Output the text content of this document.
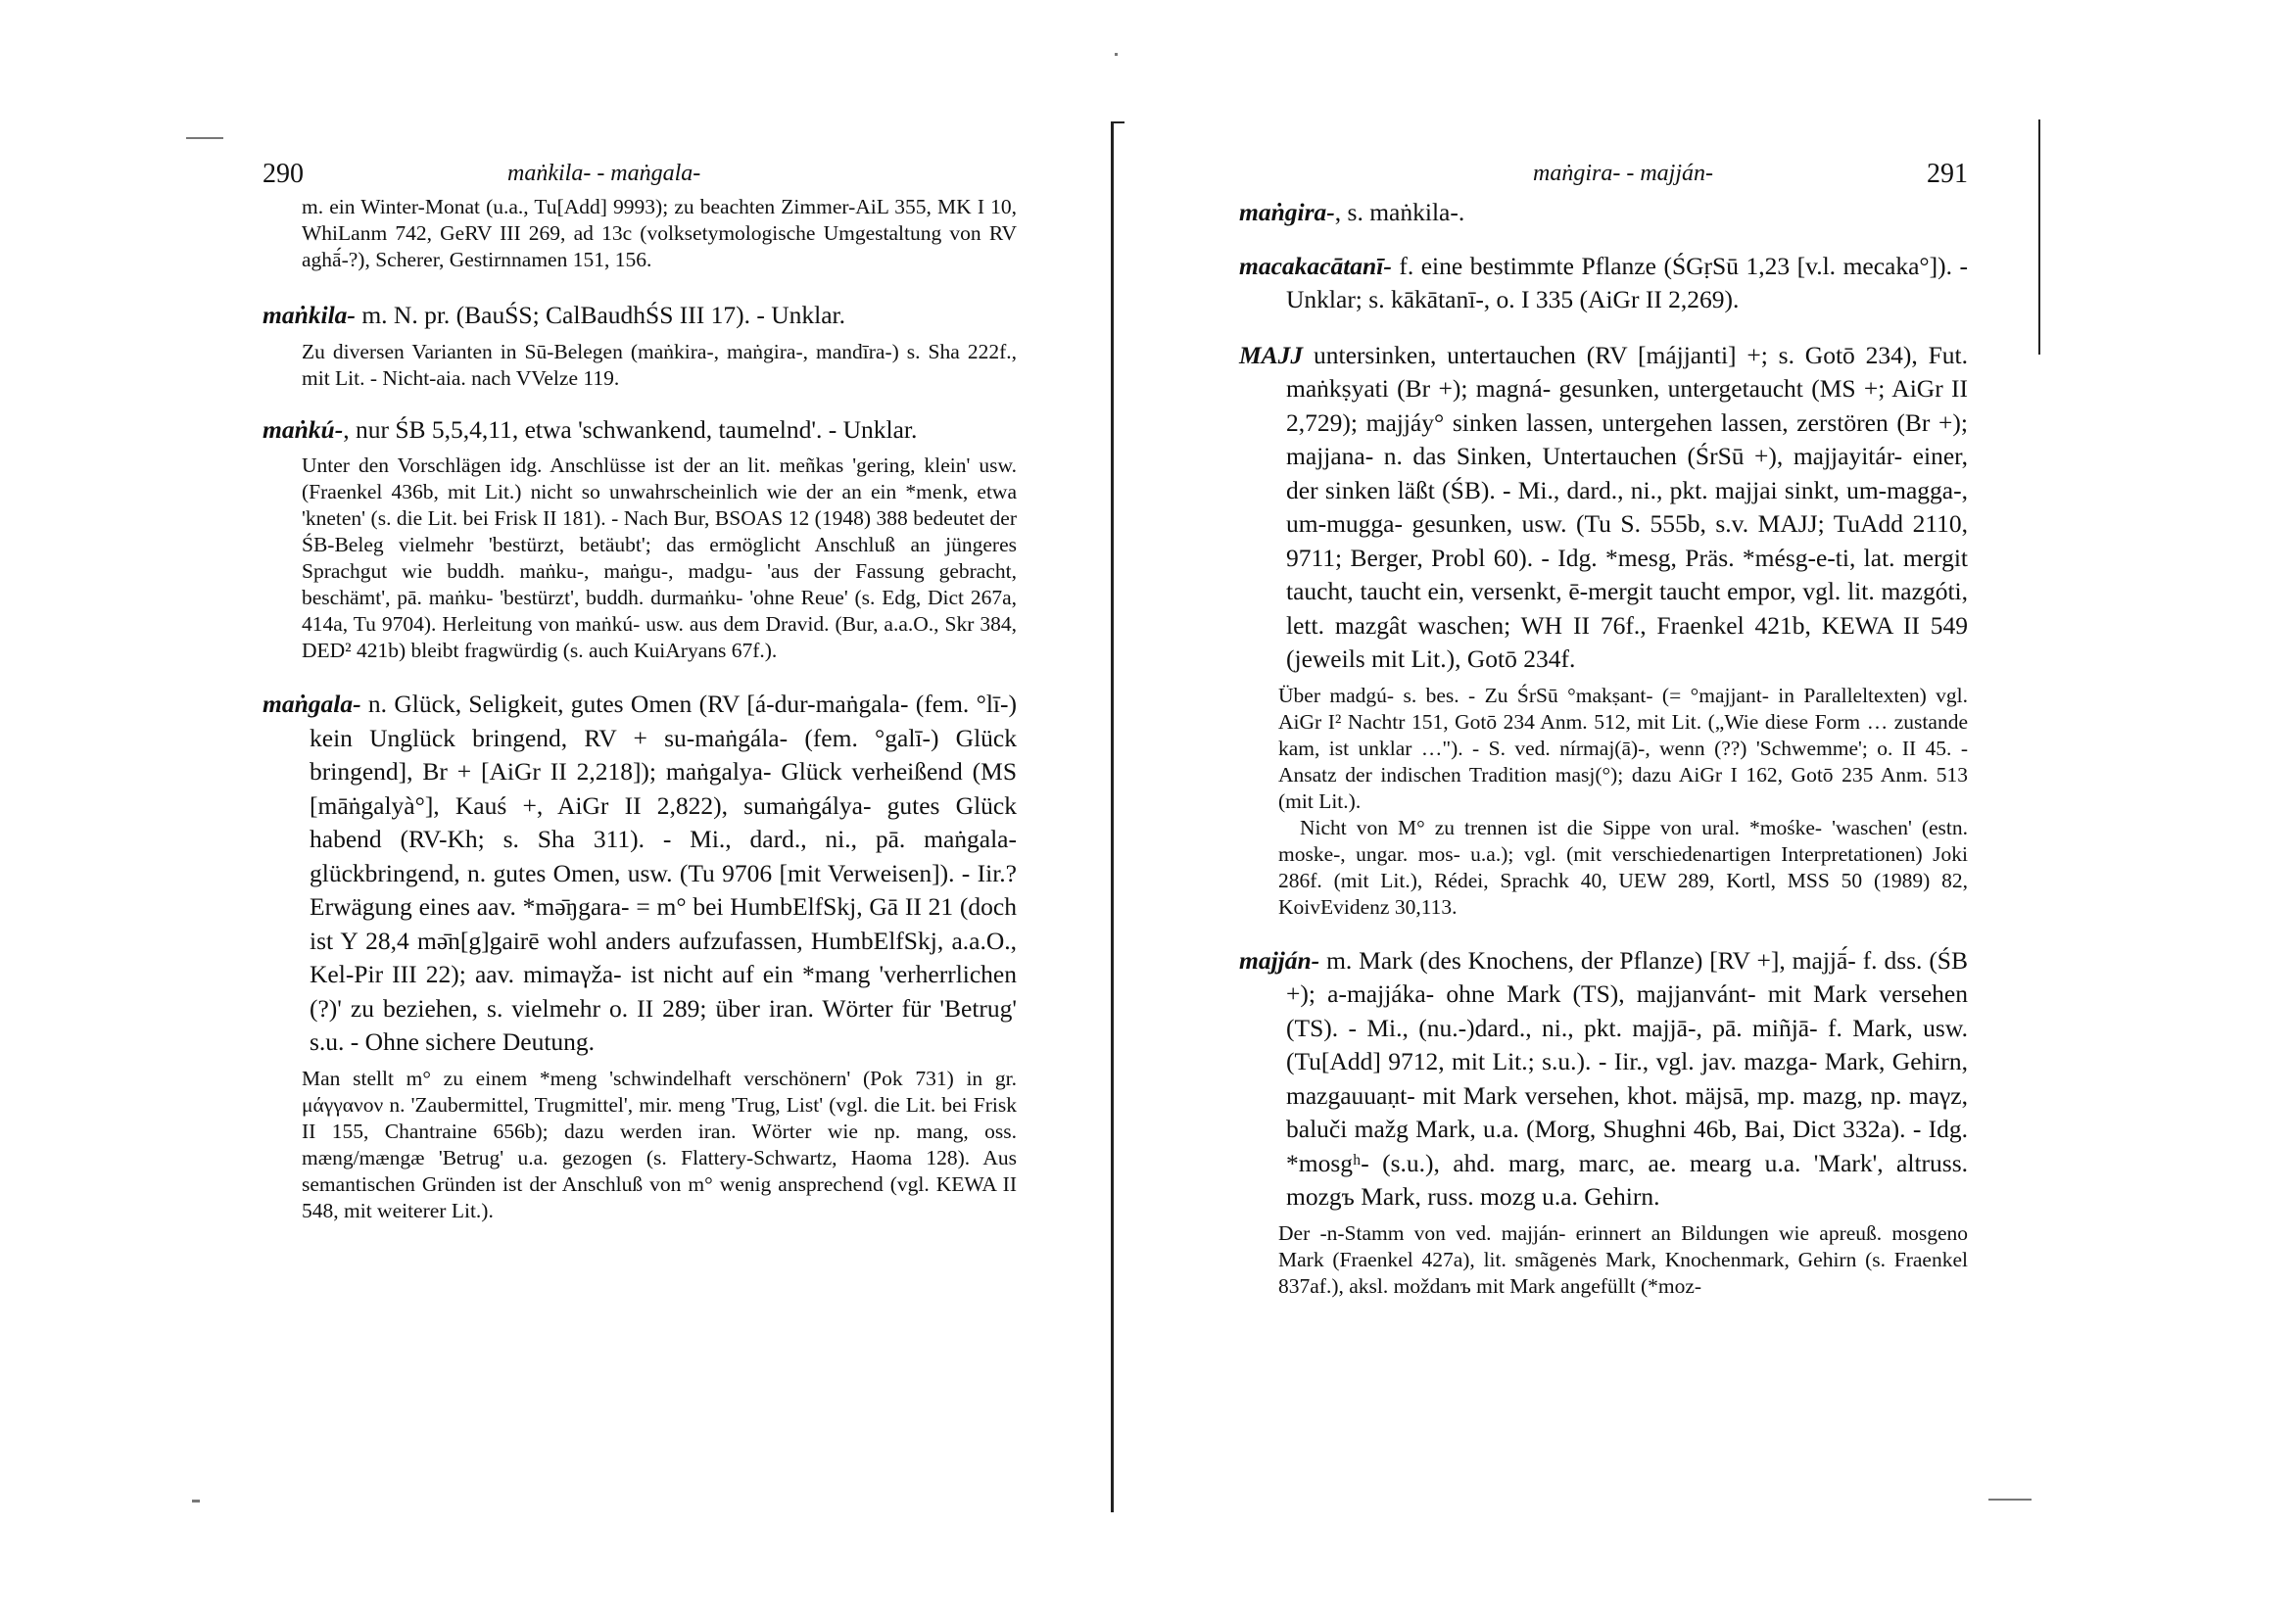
290	maṅkila- - maṅgala-

m. ein Winter-Monat (u.a., Tu[Add] 9993); zu beachten Zimmer-AiL 355, MK I 10, WhiLanm 742, GeRV III 269, ad 13c (volksetymologische Umgestaltung von RV aghā́-?), Scherer, Gestirnnamen 151, 156.

maṅkila- m. N. pr. (BauŚS; CalBaudhŚS III 17). - Unklar.

Zu diversen Varianten in Sū-Belegen (maṅkira-, maṅgira-, mandīra-) s. Sha 222f., mit Lit. - Nicht-aia. nach VVelze 119.

maṅkú-, nur ŚB 5,5,4,11, etwa 'schwankend, taumelnd'. - Unklar.

Unter den Vorschlägen idg. Anschlüsse ist der an lit. meñkas 'gering, klein' usw. (Fraenkel 436b, mit Lit.) nicht so unwahrscheinlich wie der an ein *menk, etwa 'kneten' (s. die Lit. bei Frisk II 181). - Nach Bur, BSOAS 12 (1948) 388 bedeutet der ŚB-Beleg vielmehr 'bestürzt, betäubt'; das ermöglicht Anschluß an jüngeres Sprachgut wie buddh. maṅku-, maṅgu-, madgu- 'aus der Fassung gebracht, beschämt', pā. maṅku- 'bestürzt', buddh. durmaṅku- 'ohne Reue' (s. Edg, Dict 267a, 414a, Tu 9704). Herleitung von maṅkú- usw. aus dem Dravid. (Bur, a.a.O., Skr 384, DED² 421b) bleibt fragwürdig (s. auch KuiAryans 67f.).

maṅgala- n. Glück, Seligkeit, gutes Omen (RV [á-dur-maṅgala- (fem. °lī-) kein Unglück bringend, RV + su-maṅgála- (fem. °galī-) Glück bringend], Br + [AiGr II 2,218]); maṅgalya- Glück verheißend (MS [māṅgalyà°], Kauś +, AiGr II 2,822), sumaṅgálya- gutes Glück habend (RV-Kh; s. Sha 311). - Mi., dard., ni., pā. maṅgala- glückbringend, n. gutes Omen, usw. (Tu 9706 [mit Verweisen]). - Iir.? Erwägung eines aav. *mə̄ŋgara- = m° bei HumbElfSkj, Gā II 21 (doch ist Y 28,4 mə̄n[g]gairē wohl anders aufzufassen, HumbElfSkj, a.a.O., Kel-Pir III 22); aav. mimaγža- ist nicht auf ein *mang 'verherrlichen (?)' zu beziehen, s. vielmehr o. II 289; über iran. Wörter für 'Betrug' s.u. - Ohne sichere Deutung.

Man stellt m° zu einem *meng 'schwindelhaft verschönern' (Pok 731) in gr. μάγγανον n. 'Zaubermittel, Trugmittel', mir. meng 'Trug, List' (vgl. die Lit. bei Frisk II 155, Chantraine 656b); dazu werden iran. Wörter wie np. mang, oss. mæng/mængæ 'Betrug' u.a. gezogen (s. Flattery-Schwartz, Haoma 128). Aus semantischen Gründen ist der Anschluß von m° wenig ansprechend (vgl. KEWA II 548, mit weiterer Lit.).

maṅgira- - majján-	291

maṅgira-, s. maṅkila-.

macakacātanī- f. eine bestimmte Pflanze (ŚGṛSū 1,23 [v.l. mecaka°]). - Unklar; s. kākātanī-, o. I 335 (AiGr II 2,269).

MAJJ untersinken, untertauchen (RV [májjanti] +; s. Gotō 234), Fut. maṅkṣyati (Br +); magná- gesunken, untergetaucht (MS +; AiGr II 2,729); majjáy° sinken lassen, untergehen lassen, zerstören (Br +); majjana- n. das Sinken, Untertauchen (ŚrSū +), majjayitár- einer, der sinken läßt (ŚB). - Mi., dard., ni., pkt. majjai sinkt, um-magga-, um-mugga- gesunken, usw. (Tu S. 555b, s.v. MAJJ; TuAdd 2110, 9711; Berger, Probl 60). - Idg. *mesg, Präs. *mésg-e-ti, lat. mergit taucht, taucht ein, versenkt, ē-mergit taucht empor, vgl. lit. mazgóti, lett. mazgât waschen; WH II 76f., Fraenkel 421b, KEWA II 549 (jeweils mit Lit.), Gotō 234f.

Über madgú- s. bes. - Zu ŚrSū °makṣant- (= °majjant- in Paralleltexten) vgl. AiGr I² Nachtr 151, Gotō 234 Anm. 512, mit Lit. („Wie diese Form … zustande kam, ist unklar …"). - S. ved. nírmaj(ā)-, wenn (??) 'Schwemme'; o. II 45. - Ansatz der indischen Tradition masj(°); dazu AiGr I 162, Gotō 235 Anm. 513 (mit Lit.).

Nicht von M° zu trennen ist die Sippe von ural. *mośke- 'waschen' (estn. moske-, ungar. mos- u.a.); vgl. (mit verschiedenartigen Interpretationen) Joki 286f. (mit Lit.), Rédei, Sprachk 40, UEW 289, Kortl, MSS 50 (1989) 82, KoivEvidenz 30,113.

majján- m. Mark (des Knochens, der Pflanze) [RV +], majjā́- f. dss. (ŚB +); a-majjáka- ohne Mark (TS), majjanvánt- mit Mark versehen (TS). - Mi., (nu.-)dard., ni., pkt. majjā-, pā. miñjā- f. Mark, usw. (Tu[Add] 9712, mit Lit.; s.u.). - Iir., vgl. jav. mazga- Mark, Gehirn, mazgauuaṇt- mit Mark versehen, khot. mäjsā, mp. mazg, np. maγz, baluči mažg Mark, u.a. (Morg, Shughni 46b, Bai, Dict 332a). - Idg. *mosgʰ- (s.u.), ahd. marg, marc, ae. mearg u.a. 'Mark', altruss. mozgъ Mark, russ. mozg u.a. Gehirn.

Der -n-Stamm von ved. majján- erinnert an Bildungen wie apreuß. mosgeno Mark (Fraenkel 427a), lit. smãgenės Mark, Knochenmark, Gehirn (s. Fraenkel 837af.), aksl. moždanъ mit Mark angefüllt (*moz-
